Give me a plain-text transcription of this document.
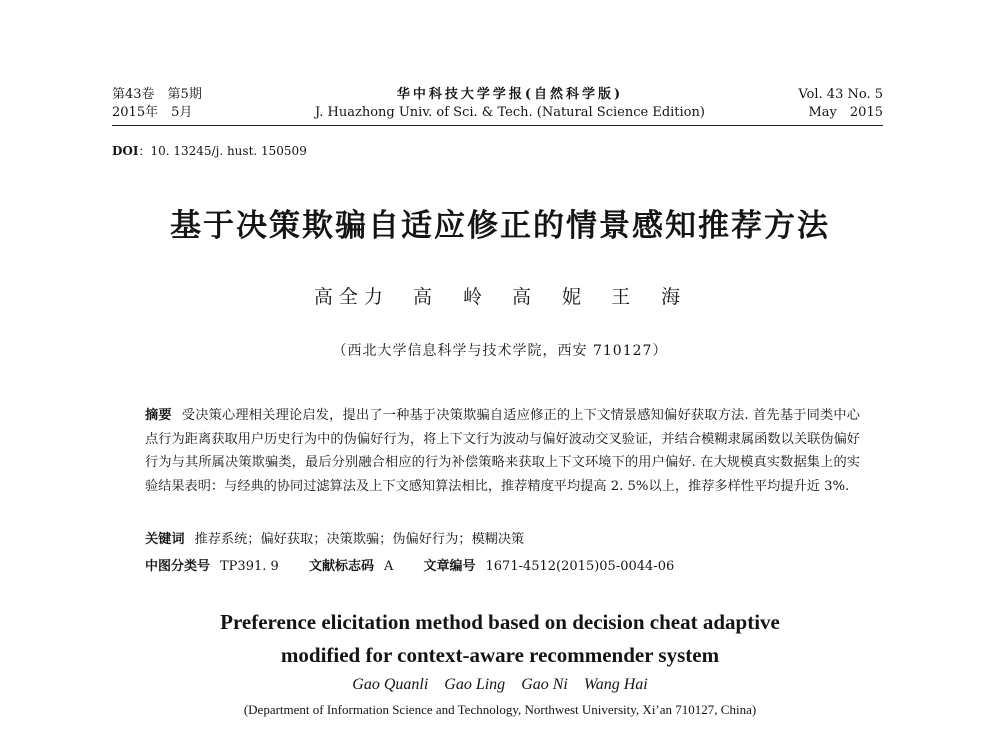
第43卷　第5期
2015年　5月
华中科技大学学报(自然科学版)
J. Huazhong Univ. of Sci. & Tech. (Natural Science Edition)
Vol. 43 No. 5
May　2015
DOI：10. 13245/j. hust. 150509
基于决策欺骗自适应修正的情景感知推荐方法
高全力 高　岭 高　妮 王　海
（西北大学信息科学与技术学院，西安 710127）
摘要 受决策心理相关理论启发，提出了一种基于决策欺骗自适应修正的上下文情景感知偏好获取方法. 首先基于同类中心点行为距离获取用户历史行为中的伪偏好行为，将上下文行为波动与偏好波动交叉验证，并结合模糊隶属函数以关联伪偏好行为与其所属决策欺骗类，最后分别融合相应的行为补偿策略来获取上下文环境下的用户偏好. 在大规模真实数据集上的实验结果表明：与经典的协同过滤算法及上下文感知算法相比，推荐精度平均提高 2. 5%以上，推荐多样性平均提升近 3%.
关键词 推荐系统；偏好获取；决策欺骗；伪偏好行为；模糊决策
中图分类号 TP391. 9 文献标志码 A 文章编号 1671-4512(2015)05-0044-06
Preference elicitation method based on decision cheat adaptive
modified for context-aware recommender system
Gao Quanli Gao Ling Gao Ni Wang Hai
(Department of Information Science and Technology, Northwest University, Xi’an 710127, China)
